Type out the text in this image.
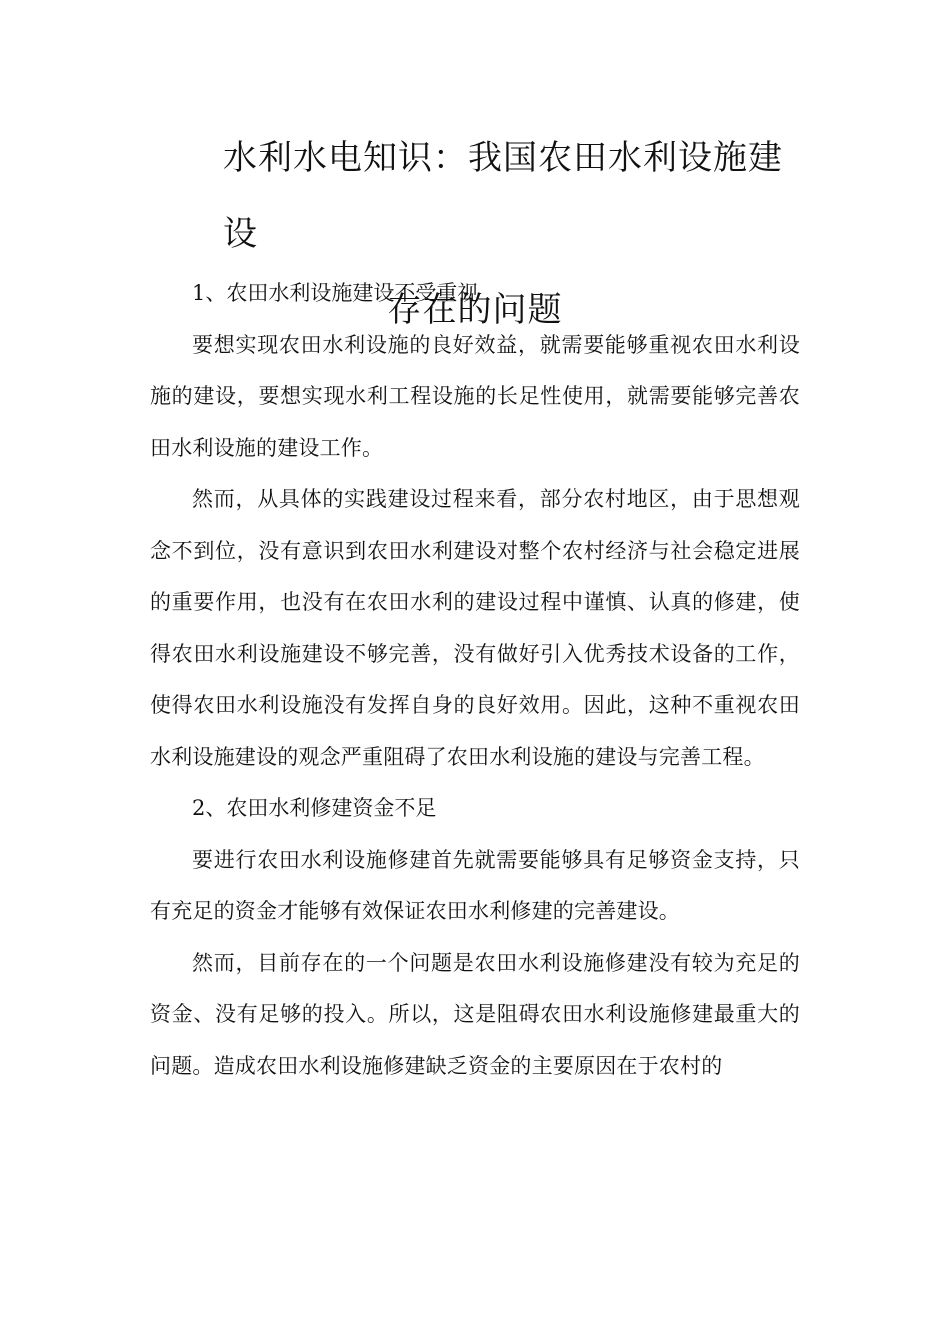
水利水电知识：我国农田水利设施建设
存在的问题

1、农田水利设施建设不受重视

要想实现农田水利设施的良好效益，就需要能够重视农田水利设施的建设，要想实现水利工程设施的长足性使用，就需要能够完善农田水利设施的建设工作。

然而，从具体的实践建设过程来看，部分农村地区，由于思想观念不到位，没有意识到农田水利建设对整个农村经济与社会稳定进展的重要作用，也没有在农田水利的建设过程中谨慎、认真的修建，使得农田水利设施建设不够完善，没有做好引入优秀技术设备的工作，使得农田水利设施没有发挥自身的良好效用。因此，这种不重视农田水利设施建设的观念严重阻碍了农田水利设施的建设与完善工程。

2、农田水利修建资金不足

要进行农田水利设施修建首先就需要能够具有足够资金支持，只有充足的资金才能够有效保证农田水利修建的完善建设。

然而，目前存在的一个问题是农田水利设施修建没有较为充足的资金、没有足够的投入。所以，这是阻碍农田水利设施修建最重大的问题。造成农田水利设施修建缺乏资金的主要原因在于农村的
